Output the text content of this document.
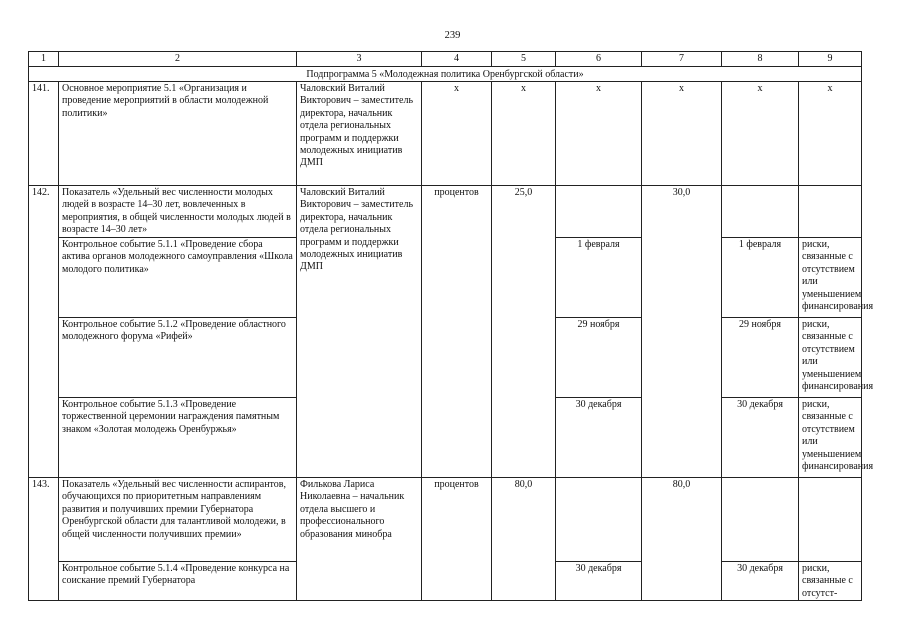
239
1	2	3	4	5	6	7	8	9
Подпрограмма 5 «Молодежная политика Оренбургской области»								
141.	Основное мероприятие 5.1 «Организация и проведение мероприятий в области молодежной политики»	Чаловский Виталий Викторович – заместитель директора, начальник отдела региональных программ и поддержки молодежных инициатив ДМП	x	x	x	x	x	x
142.	Показатель «Удельный вес численности молодых людей в возрасте 14–30 лет, вовлеченных в мероприятия, в общей численности молодых людей в возрасте 14–30 лет»	Чаловский Виталий Викторович – заместитель директора, начальник отдела региональных программ и поддержки молодежных инициатив ДМП	процентов	25,0		30,0		
	Контрольное событие 5.1.1 «Проведение сбора актива органов молодежного самоуправления «Школа молодого политика»				1 февраля		1 февраля	риски, связанные с отсутствием или уменьшением финансирования
	Контрольное событие 5.1.2 «Проведение областного молодежного форума «Рифей»				29 ноября		29 ноября	риски, связанные с отсутствием или уменьшением финансирования
	Контрольное событие 5.1.3 «Проведение торжественной церемонии награждения памятным знаком «Золотая молодежь Оренбуржья»				30 декабря		30 декабря	риски, связанные с отсутствием или уменьшением финансирования
143.	Показатель «Удельный вес численности аспирантов, обучающихся по приоритетным направлениям развития и получивших премии Губернатора Оренбургской области для талантливой молодежи, в общей численности получивших премии»	Филькова Лариса Николаевна – начальник отдела высшего и профессионального образования минобра	процентов	80,0		80,0		
	Контрольное событие 5.1.4 «Проведение конкурса на соискание премий Губернатора				30 декабря		30 декабря	риски, связанные с отсутст-
